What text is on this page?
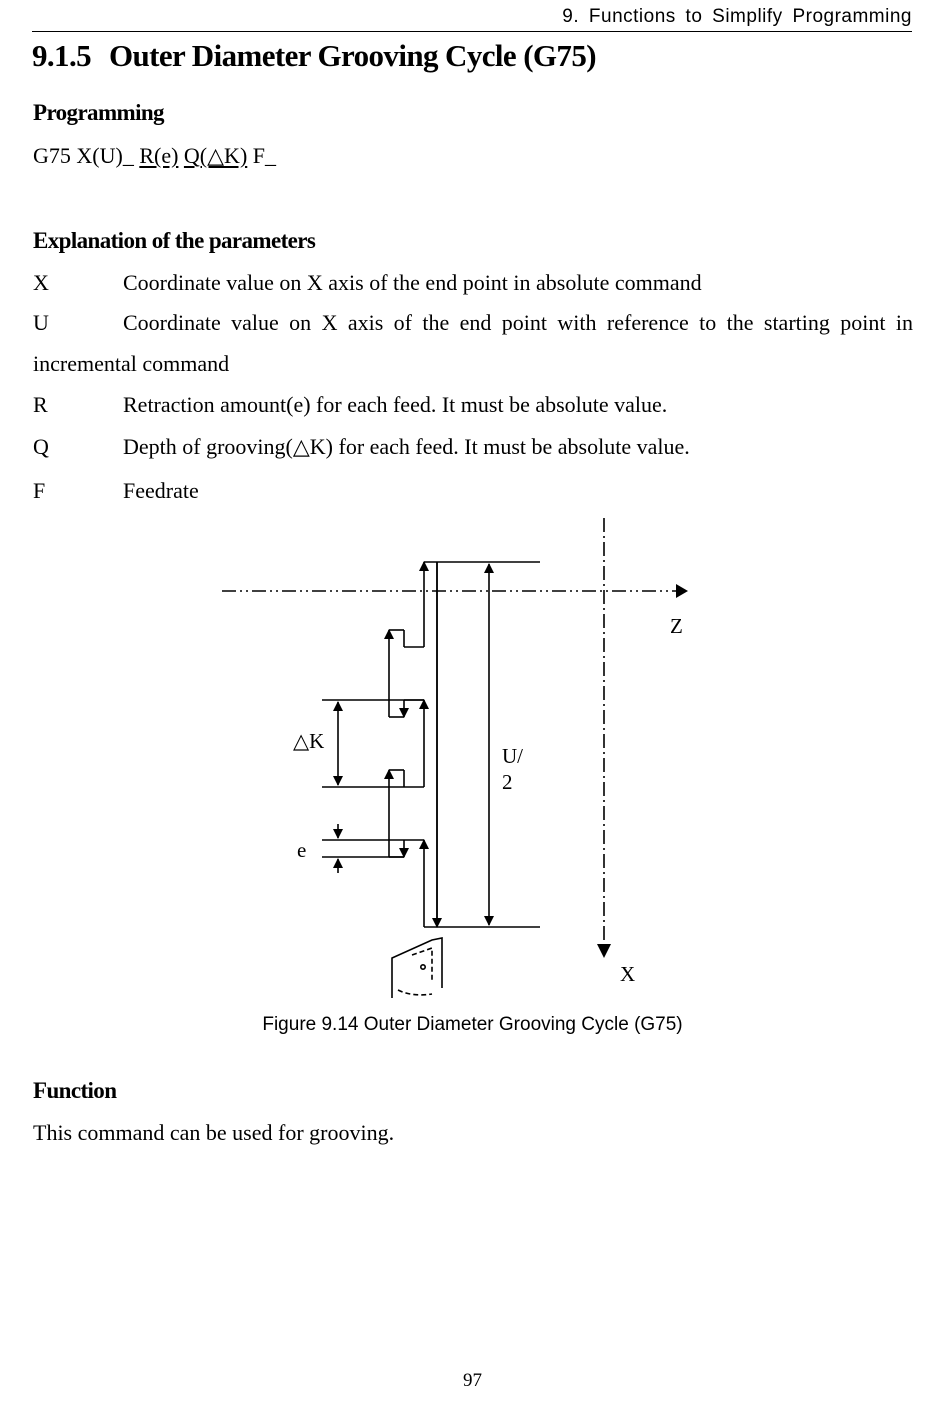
9. Functions to Simplify Programming
9.1.5 Outer Diameter Grooving Cycle (G75)
Programming
G75 X(U)_ R(e) Q(△K) F_
Explanation of the parameters
X	Coordinate value on X axis of the end point in absolute command
U	Coordinate value on X axis of the end point with reference to the starting point in
incremental command
R	Retraction amount(e) for each feed. It must be absolute value.
Q	Depth of grooving(△K) for each feed. It must be absolute value.
F	Feedrate
Z
X
△K
U/
2
e
Figure 9.14 Outer Diameter Grooving Cycle (G75)
Function
This command can be used for grooving.
97
